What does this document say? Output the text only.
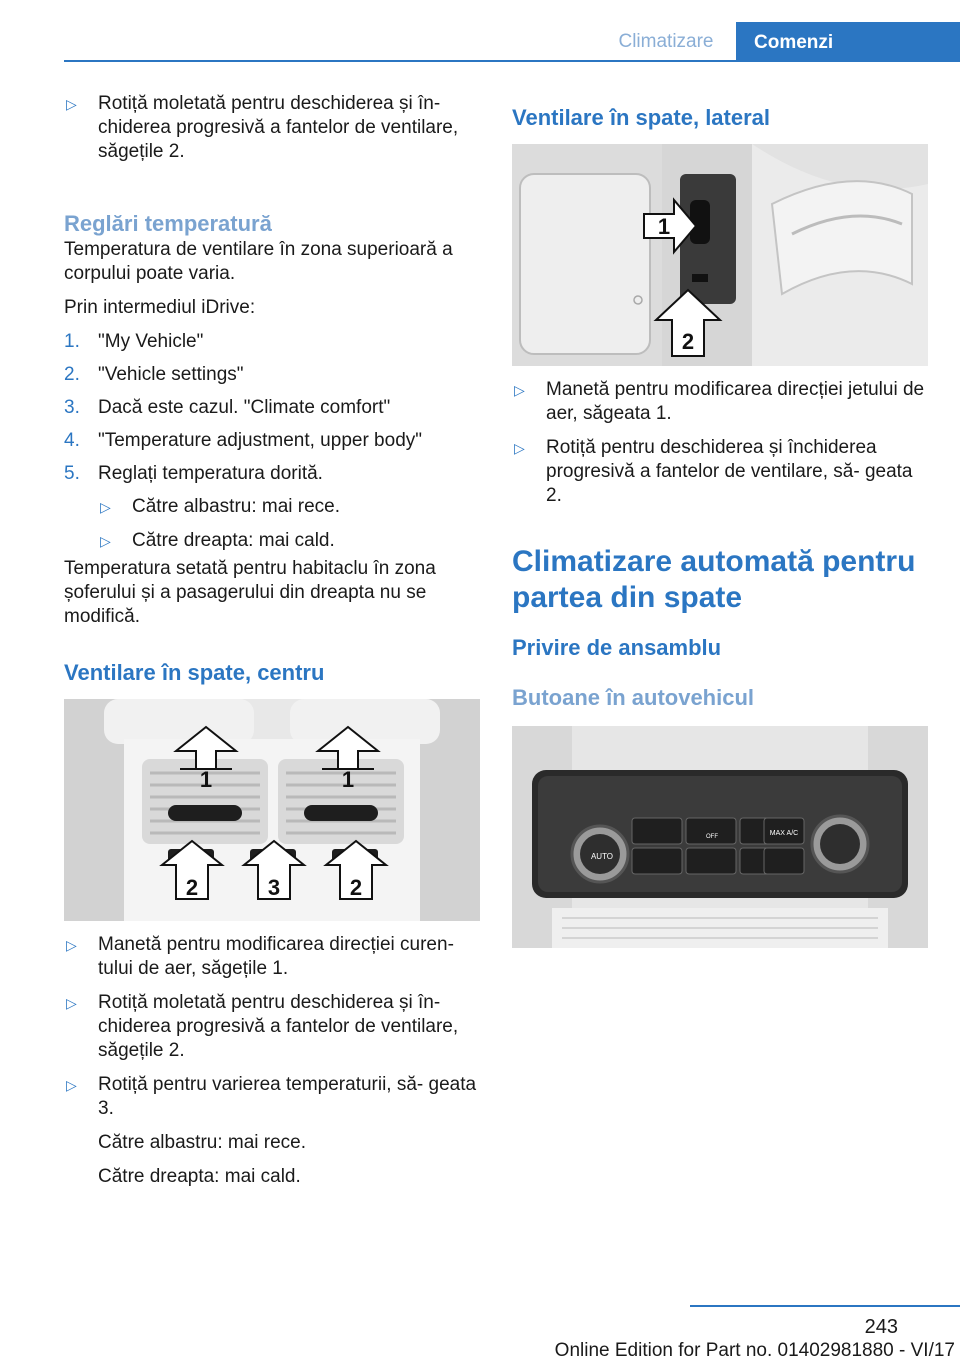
Climatizare	Comenzi
▷ Rotiță moletată pentru deschiderea și în‐ chiderea progresivă a fantelor de ventilare, săgețile 2.
Reglări temperatură

Temperatura de ventilare în zona superioară a corpului poate varia.

Prin intermediul iDrive:

1. "My Vehicle"
2. "Vehicle settings"
3. Dacă este cazul. "Climate comfort"
4. "Temperature adjustment, upper body"
5. Reglați temperatura dorită.
▷ Către albastru: mai rece.
▷ Către dreapta: mai cald.

Temperatura setată pentru habitaclu în zona șoferului și a pasagerului din dreapta nu se modifică.

Ventilare în spate, centru
1	1
2	3	2
▷ Manetă pentru modificarea direcției curen‐ tului de aer, săgețile 1.
▷ Rotiță moletată pentru deschiderea și în‐ chiderea progresivă a fantelor de ventilare, săgețile 2.
▷ Rotiță pentru varierea temperaturii, să‐ geata 3.

Către albastru: mai rece.

Către dreapta: mai cald.

Ventilare în spate, lateral
1
2
▷ Manetă pentru modificarea direcției jetului de aer, săgeata 1.
▷ Rotiță pentru deschiderea și închiderea progresivă a fantelor de ventilare, să‐ geata 2.
Climatizare automată pentru partea din spate
Privire de ansamblu
Butoane în autovehicul
AUTO
MAX A/C
OFF
243
Online Edition for Part no. 01402981880 - VI/17
